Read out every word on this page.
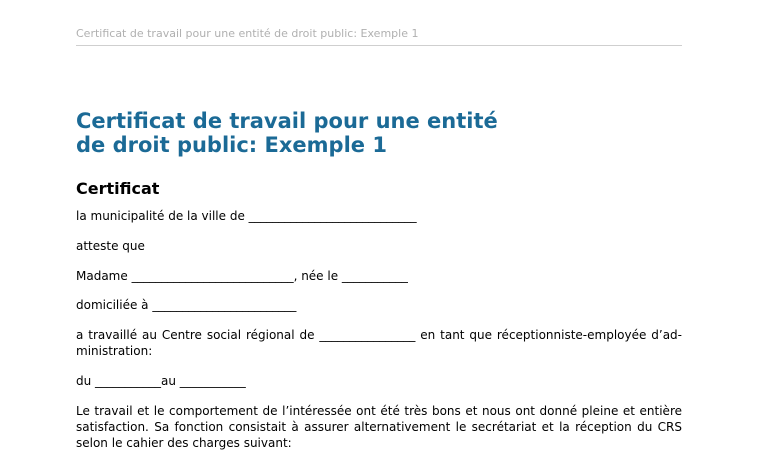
Certificat de travail pour une entité de droit public: Exemple 1
Certificat de travail pour une entité
de droit public: Exemple 1
Certificat

la municipalité de la ville de ____________________________

atteste que

Madame ___________________________, née le ___________

domiciliée à ________________________

a travaillé au Centre social régional de ________________ en tant que réceptionniste-employée d’ad-ministration:

du ___________au ___________

Le travail et le comportement de l’intéressée ont été très bons et nous ont donné pleine et entière satisfaction. Sa fonction consistait à assurer alternativement le secrétariat et la réception du CRS selon le cahier des charges suivant:
